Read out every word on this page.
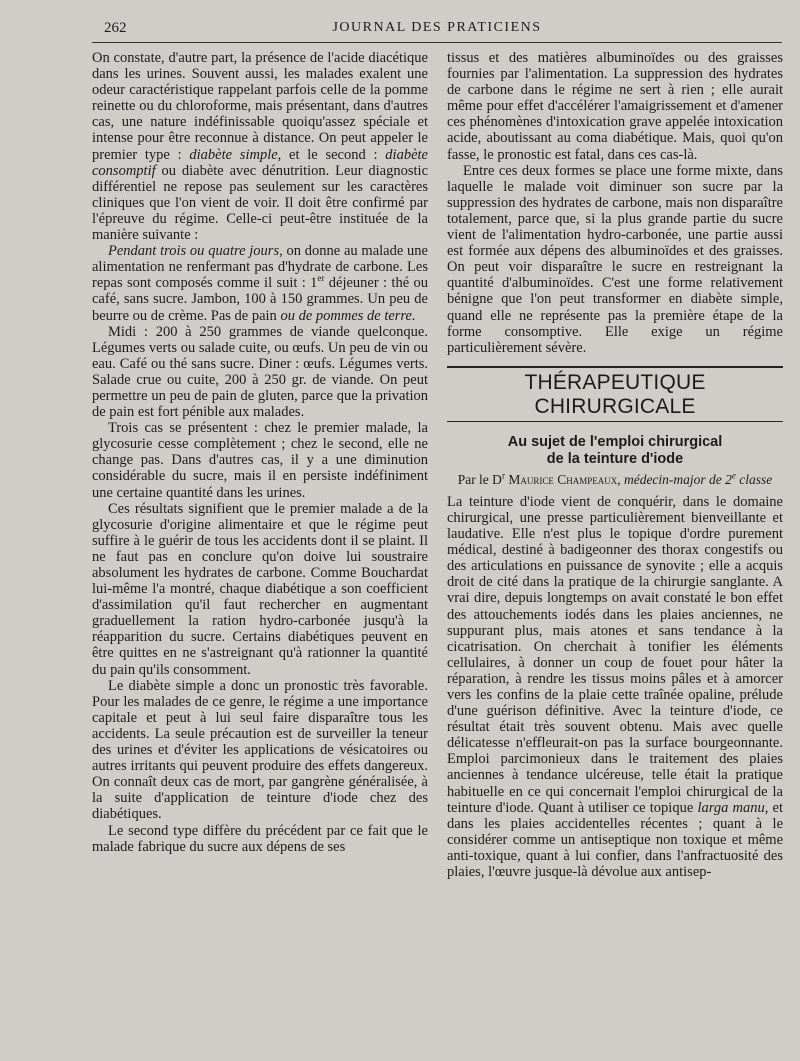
262	JOURNAL DES PRATICIENS

On constate, d'autre part, la présence de l'acide diacétique dans les urines. Souvent aussi, les malades exalent une odeur caractéristique rappelant parfois celle de la pomme reinette ou du chloroforme, mais présentant, dans d'autres cas, une nature indéfinissable quoiqu'assez spéciale et intense pour être reconnue à distance. On peut appeler le premier type : diabète simple, et le second : diabète consomptif ou diabète avec dénutrition. Leur diagnostic différentiel ne repose pas seulement sur les caractères cliniques que l'on vient de voir. Il doit être confirmé par l'épreuve du régime. Celle-ci peut-être instituée de la manière suivante :

Pendant trois ou quatre jours, on donne au malade une alimentation ne renfermant pas d'hydrate de carbone. Les repas sont composés comme il suit : 1er déjeuner : thé ou café, sans sucre. Jambon, 100 à 150 grammes. Un peu de beurre ou de crème. Pas de pain ou de pommes de terre.

Midi : 200 à 250 grammes de viande quelconque. Légumes verts ou salade cuite, ou œufs. Un peu de vin ou eau. Café ou thé sans sucre. Diner : œufs. Légumes verts. Salade crue ou cuite, 200 à 250 gr. de viande. On peut permettre un peu de pain de gluten, parce que la privation de pain est fort pénible aux malades.

Trois cas se présentent : chez le premier malade, la glycosurie cesse complètement ; chez le second, elle ne change pas. Dans d'autres cas, il y a une diminution considérable du sucre, mais il en persiste indéfiniment une certaine quantité dans les urines.

Ces résultats signifient que le premier malade a de la glycosurie d'origine alimentaire et que le régime peut suffire à le guérir de tous les accidents dont il se plaint. Il ne faut pas en conclure qu'on doive lui soustraire absolument les hydrates de carbone. Comme Bouchardat lui-même l'a montré, chaque diabétique a son coefficient d'assimilation qu'il faut rechercher en augmentant graduellement la ration hydro-carbonée jusqu'à la réapparition du sucre. Certains diabétiques peuvent en être quittes en ne s'astreignant qu'à rationner la quantité du pain qu'ils consomment.

Le diabète simple a donc un pronostic très favorable. Pour les malades de ce genre, le régime a une importance capitale et peut à lui seul faire disparaître tous les accidents. La seule précaution est de surveiller la teneur des urines et d'éviter les applications de vésicatoires ou autres irritants qui peuvent produire des effets dangereux. On connaît deux cas de mort, par gangrène généralisée, à la suite d'application de teinture d'iode chez des diabétiques.

Le second type diffère du précédent par ce fait que le malade fabrique du sucre aux dépens de ses

tissus et des matières albuminoïdes ou des graisses fournies par l'alimentation. La suppression des hydrates de carbone dans le régime ne sert à rien ; elle aurait même pour effet d'accélérer l'amaigrissement et d'amener ces phénomènes d'intoxication grave appelée intoxication acide, aboutissant au coma diabétique. Mais, quoi qu'on fasse, le pronostic est fatal, dans ces cas-là.

Entre ces deux formes se place une forme mixte, dans laquelle le malade voit diminuer son sucre par la suppression des hydrates de carbone, mais non disparaître totalement, parce que, si la plus grande partie du sucre vient de l'alimentation hydro-carbonée, une partie aussi est formée aux dépens des albuminoïdes et des graisses. On peut voir disparaître le sucre en restreignant la quantité d'albuminoïdes. C'est une forme relativement bénigne que l'on peut transformer en diabète simple, quand elle ne représente pas la première étape de la forme consomptive. Elle exige un régime particulièrement sévère.

THÉRAPEUTIQUE CHIRURGICALE
Au sujet de l'emploi chirurgical
de la teinture d'iode
Par le $D^r$ Maurice Champeaux, médecin-major de 2e classe

La teinture d'iode vient de conquérir, dans le domaine chirurgical, une presse particulièrement bienveillante et laudative. Elle n'est plus le topique d'ordre purement médical, destiné à badigeonner des thorax congestifs ou des articulations en puissance de synovite ; elle a acquis droit de cité dans la pratique de la chirurgie sanglante. A vrai dire, depuis longtemps on avait constaté le bon effet des attouchements iodés dans les plaies anciennes, ne suppurant plus, mais atones et sans tendance à la cicatrisation. On cherchait à tonifier les éléments cellulaires, à donner un coup de fouet pour hâter la réparation, à rendre les tissus moins pâles et à amorcer vers les confins de la plaie cette traînée opaline, prélude d'une guérison définitive. Avec la teinture d'iode, ce résultat était très souvent obtenu. Mais avec quelle délicatesse n'effleurait-on pas la surface bourgeonnante. Emploi parcimonieux dans le traitement des plaies anciennes à tendance ulcéreuse, telle était la pratique habituelle en ce qui concernait l'emploi chirurgical de la teinture d'iode. Quant à utiliser ce topique larga manu, et dans les plaies accidentelles récentes ; quant à le considérer comme un antiseptique non toxique et même anti-toxique, quant à lui confier, dans l'anfractuosité des plaies, l'œuvre jusque-là dévolue aux antisep-
